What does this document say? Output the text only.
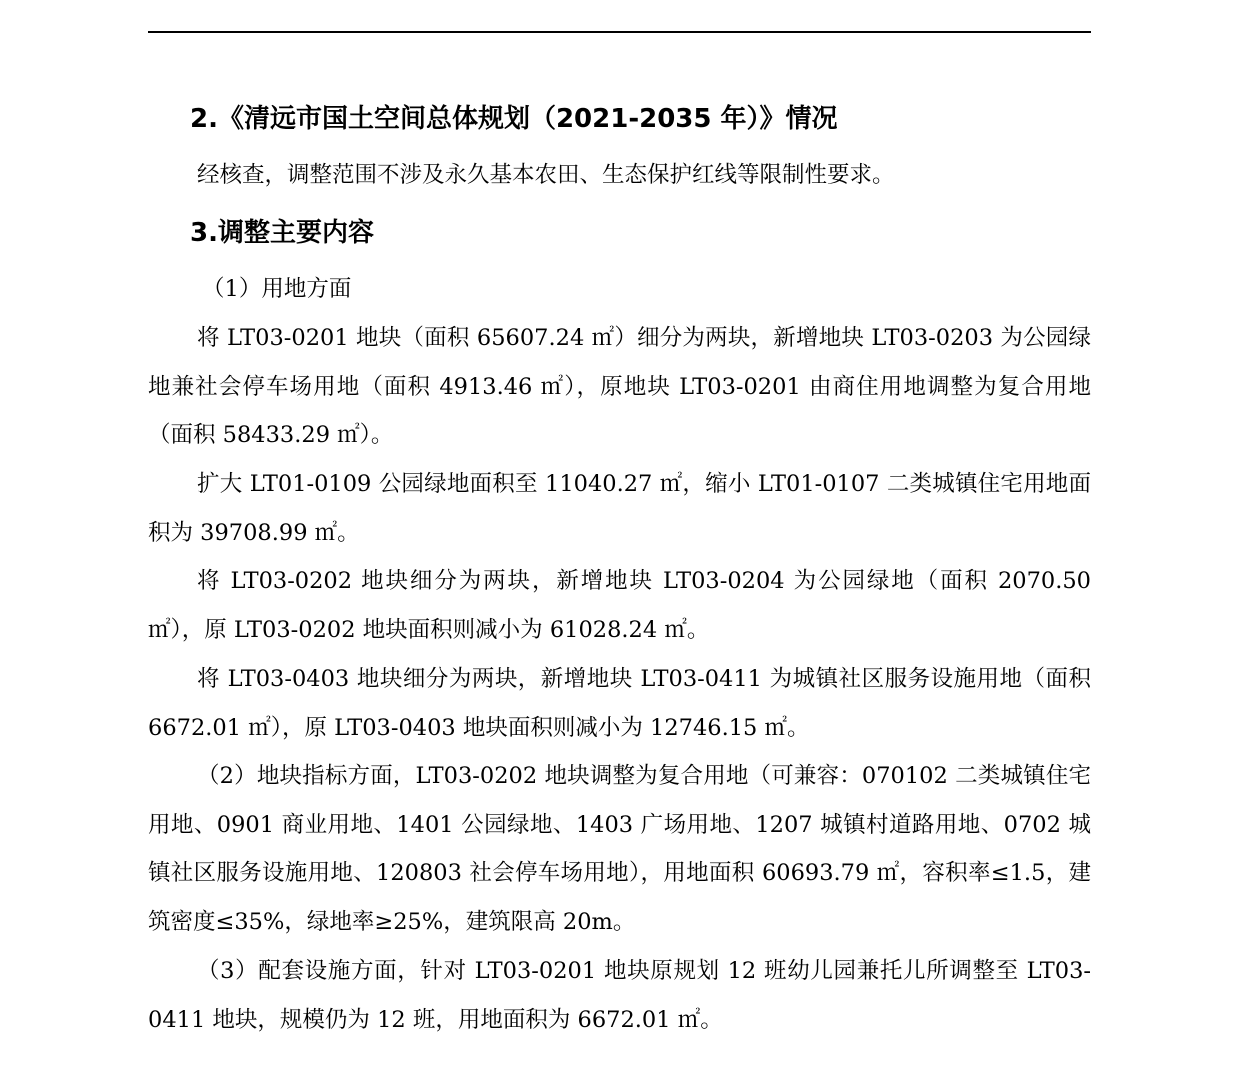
2.《清远市国土空间总体规划（2021-2035 年）》情况
经核查，调整范围不涉及永久基本农田、生态保护红线等限制性要求。
3.调整主要内容
（1）用地方面
将 LT03-0201 地块（面积 65607.24 ㎡）细分为两块，新增地块 LT03-0203 为公园绿地兼社会停车场用地（面积 4913.46 ㎡），原地块 LT03-0201 由商住用地调整为复合用地（面积 58433.29 ㎡）。
扩大 LT01-0109 公园绿地面积至 11040.27 ㎡，缩小 LT01-0107 二类城镇住宅用地面积为 39708.99 ㎡。
将 LT03-0202 地块细分为两块，新增地块 LT03-0204 为公园绿地（面积 2070.50 ㎡），原 LT03-0202 地块面积则减小为 61028.24 ㎡。
将 LT03-0403 地块细分为两块，新增地块 LT03-0411 为城镇社区服务设施用地（面积 6672.01 ㎡），原 LT03-0403 地块面积则减小为 12746.15 ㎡。
（2）地块指标方面，LT03-0202 地块调整为复合用地（可兼容：070102 二类城镇住宅用地、0901 商业用地、1401 公园绿地、1403 广场用地、1207 城镇村道路用地、0702 城镇社区服务设施用地、120803 社会停车场用地），用地面积 60693.79 ㎡，容积率≤1.5，建筑密度≤35%，绿地率≥25%，建筑限高 20m。
（3）配套设施方面，针对 LT03-0201 地块原规划 12 班幼儿园兼托儿所调整至 LT03-0411 地块，规模仍为 12 班，用地面积为 6672.01 ㎡。
